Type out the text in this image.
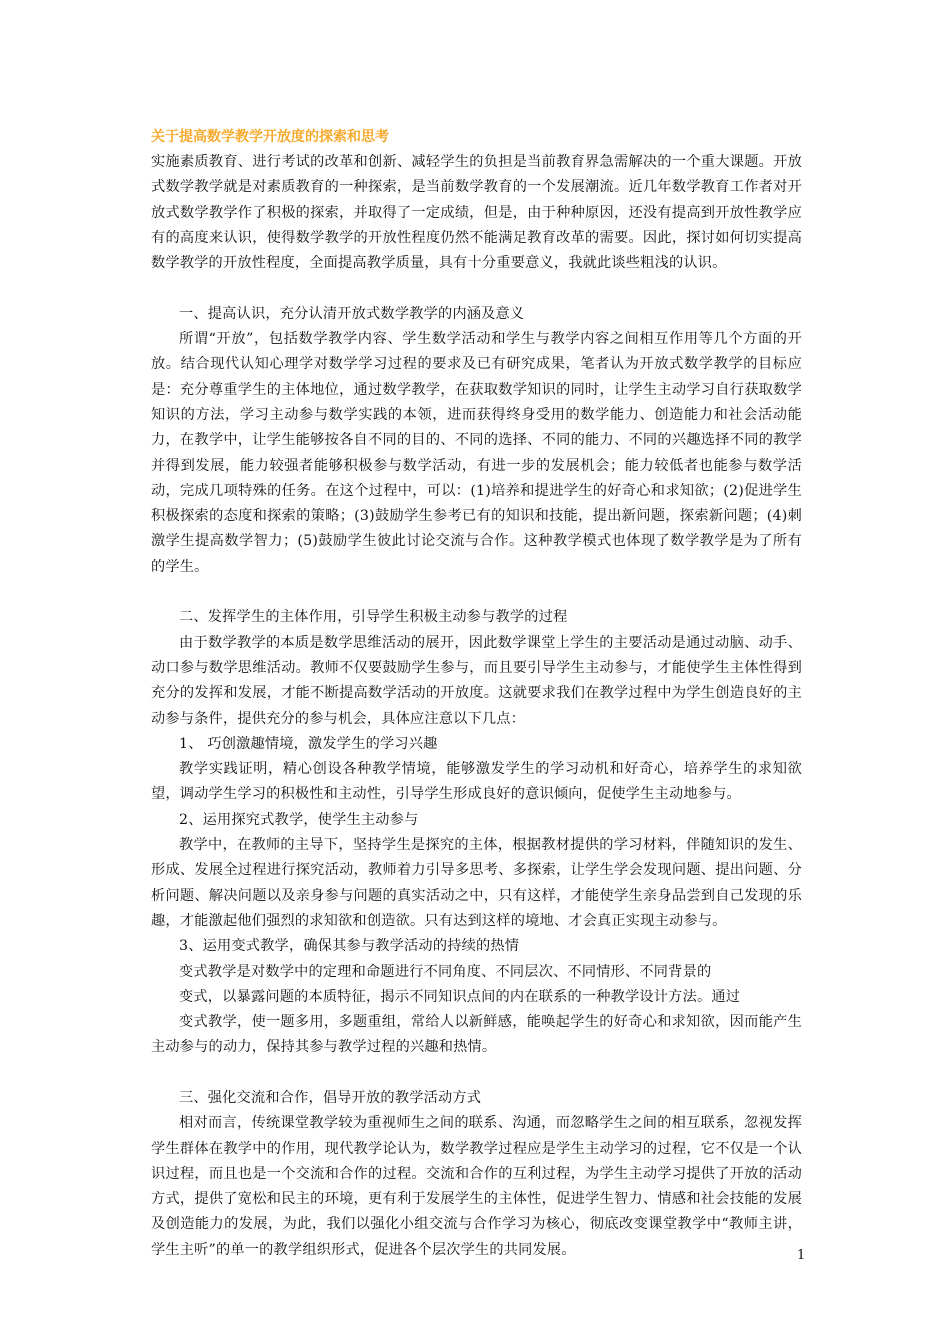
关于提高数学教学开放度的探索和思考

实施素质教育、进行考试的改革和创新、减轻学生的负担是当前教育界急需解决的一个重大课题。开放式数学教学就是对素质教育的一种探索，是当前数学教育的一个发展潮流。近几年数学教育工作者对开放式数学教学作了积极的探索，并取得了一定成绩，但是，由于种种原因，还没有提高到开放性教学应有的高度来认识，使得数学教学的开放性程度仍然不能满足教育改革的需要。因此，探讨如何切实提高数学教学的开放性程度，全面提高教学质量，具有十分重要意义，我就此谈些粗浅的认识。

一、提高认识，充分认清开放式数学教学的内涵及意义

所谓“开放”，包括数学教学内容、学生数学活动和学生与教学内容之间相互作用等几个方面的开放。结合现代认知心理学对数学学习过程的要求及已有研究成果，笔者认为开放式数学教学的目标应是：充分尊重学生的主体地位，通过数学教学，在获取数学知识的同时，让学生主动学习自行获取数学知识的方法，学习主动参与数学实践的本领，进而获得终身受用的数学能力、创造能力和社会活动能力，在教学中，让学生能够按各自不同的目的、不同的选择、不同的能力、不同的兴趣选择不同的教学并得到发展，能力较强者能够积极参与数学活动，有进一步的发展机会；能力较低者也能参与数学活动，完成几项特殊的任务。在这个过程中，可以：(1)培养和提进学生的好奇心和求知欲；(2)促进学生积极探索的态度和探索的策略；(3)鼓励学生参考已有的知识和技能，提出新问题，探索新问题；(4)刺激学生提高数学智力；(5)鼓励学生彼此讨论交流与合作。这种教学模式也体现了数学教学是为了所有的学生。

二、发挥学生的主体作用，引导学生积极主动参与教学的过程

由于数学教学的本质是数学思维活动的展开，因此数学课堂上学生的主要活动是通过动脑、动手、动口参与数学思维活动。教师不仅要鼓励学生参与，而且要引导学生主动参与，才能使学生主体性得到充分的发挥和发展，才能不断提高数学活动的开放度。这就要求我们在教学过程中为学生创造良好的主动参与条件，提供充分的参与机会，具体应注意以下几点：

1、 巧创激趣情境，激发学生的学习兴趣

教学实践证明，精心创设各种教学情境，能够激发学生的学习动机和好奇心，培养学生的求知欲望，调动学生学习的积极性和主动性，引导学生形成良好的意识倾向，促使学生主动地参与。

2、运用探究式教学，使学生主动参与

教学中，在教师的主导下，坚持学生是探究的主体，根据教材提供的学习材料，伴随知识的发生、形成、发展全过程进行探究活动，教师着力引导多思考、多探索，让学生学会发现问题、提出问题、分析问题、解决问题以及亲身参与问题的真实活动之中，只有这样，才能使学生亲身品尝到自己发现的乐趣，才能激起他们强烈的求知欲和创造欲。只有达到这样的境地、才会真正实现主动参与。

3、运用变式教学，确保其参与教学活动的持续的热情

变式教学是对数学中的定理和命题进行不同角度、不同层次、不同情形、不同背景的

变式，以暴露问题的本质特征，揭示不同知识点间的内在联系的一种教学设计方法。通过

变式教学，使一题多用，多题重组，常给人以新鲜感，能唤起学生的好奇心和求知欲，因而能产生主动参与的动力，保持其参与教学过程的兴趣和热情。

三、强化交流和合作，倡导开放的教学活动方式

相对而言，传统课堂教学较为重视师生之间的联系、沟通，而忽略学生之间的相互联系，忽视发挥学生群体在教学中的作用，现代教学论认为，数学教学过程应是学生主动学习的过程，它不仅是一个认识过程，而且也是一个交流和合作的过程。交流和合作的互利过程，为学生主动学习提供了开放的活动方式，提供了宽松和民主的环境，更有利于发展学生的主体性，促进学生智力、情感和社会技能的发展及创造能力的发展，为此，我们以强化小组交流与合作学习为核心，彻底改变课堂教学中“教师主讲，学生主听”的单一的教学组织形式，促进各个层次学生的共同发展。	1
